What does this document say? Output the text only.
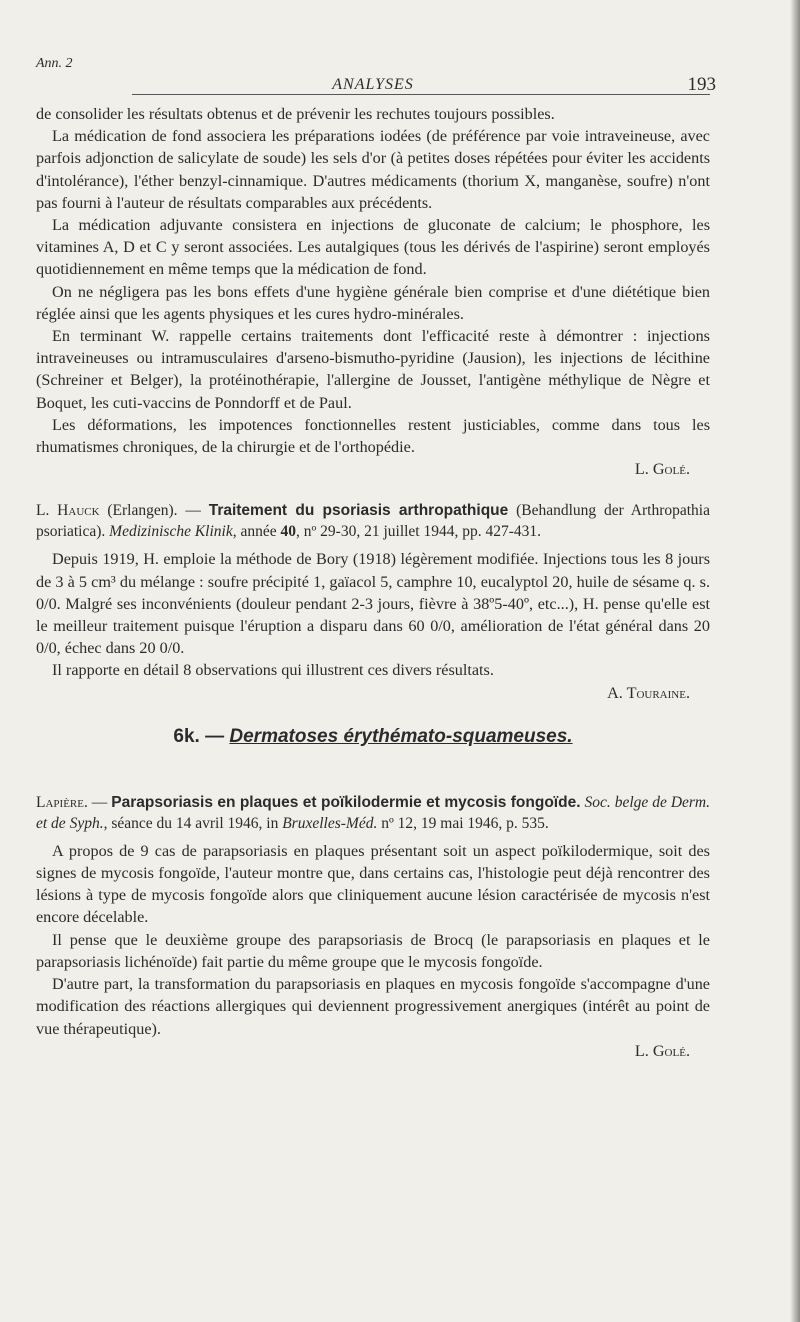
Ann. 2
ANALYSES	193

de consolider les résultats obtenus et de prévenir les rechutes toujours possibles.

La médication de fond associera les préparations iodées (de préférence par voie intraveineuse, avec parfois adjonction de salicylate de soude) les sels d'or (à petites doses répétées pour éviter les accidents d'intolérance), l'éther benzyl-cinnamique. D'autres médicaments (thorium X, manganèse, soufre) n'ont pas fourni à l'auteur de résultats comparables aux précédents.

La médication adjuvante consistera en injections de gluconate de calcium; le phosphore, les vitamines A, D et C y seront associées. Les autalgiques (tous les dérivés de l'aspirine) seront employés quotidiennement en même temps que la médication de fond.

On ne négligera pas les bons effets d'une hygiène générale bien comprise et d'une diététique bien réglée ainsi que les agents physiques et les cures hydro-minérales.

En terminant W. rappelle certains traitements dont l'efficacité reste à démontrer : injections intraveineuses ou intramusculaires d'arseno-bismutho-pyridine (Jausion), les injections de lécithine (Schreiner et Belger), la protéinothérapie, l'allergine de Jousset, l'antigène méthylique de Nègre et Boquet, les cuti-vaccins de Ponndorff et de Paul.

Les déformations, les impotences fonctionnelles restent justiciables, comme dans tous les rhumatismes chroniques, de la chirurgie et de l'orthopédie.

L. Golé.
L. Hauck (Erlangen). — Traitement du psoriasis arthropathique (Behandlung der Arthropathia psoriatica). Medizinische Klinik, année 40, nº 29-30, 21 juillet 1944, pp. 427-431.

Depuis 1919, H. emploie la méthode de Bory (1918) légèrement modifiée. Injections tous les 8 jours de 3 à 5 cm³ du mélange : soufre précipité 1, gaïacol 5, camphre 10, eucalyptol 20, huile de sésame q. s. 0/0. Malgré ses inconvénients (douleur pendant 2-3 jours, fièvre à 38º5-40º, etc...), H. pense qu'elle est le meilleur traitement puisque l'éruption a disparu dans 60 0/0, amélioration de l'état général dans 20 0/0, échec dans 20 0/0.

Il rapporte en détail 8 observations qui illustrent ces divers résultats.

A. Touraine.
6k. — Dermatoses érythémato-squameuses.
Lapière. — Parapsoriasis en plaques et poïkilodermie et mycosis fongoïde. Soc. belge de Derm. et de Syph., séance du 14 avril 1946, in Bruxelles-Méd. nº 12, 19 mai 1946, p. 535.

A propos de 9 cas de parapsoriasis en plaques présentant soit un aspect poïkilodermique, soit des signes de mycosis fongoïde, l'auteur montre que, dans certains cas, l'histologie peut déjà rencontrer des lésions à type de mycosis fongoïde alors que cliniquement aucune lésion caractérisée de mycosis n'est encore décelable.

Il pense que le deuxième groupe des parapsoriasis de Brocq (le parapsoriasis en plaques et le parapsoriasis lichénoïde) fait partie du même groupe que le mycosis fongoïde.

D'autre part, la transformation du parapsoriasis en plaques en mycosis fongoïde s'accompagne d'une modification des réactions allergiques qui deviennent progressivement anergiques (intérêt au point de vue thérapeutique).

L. Golé.
